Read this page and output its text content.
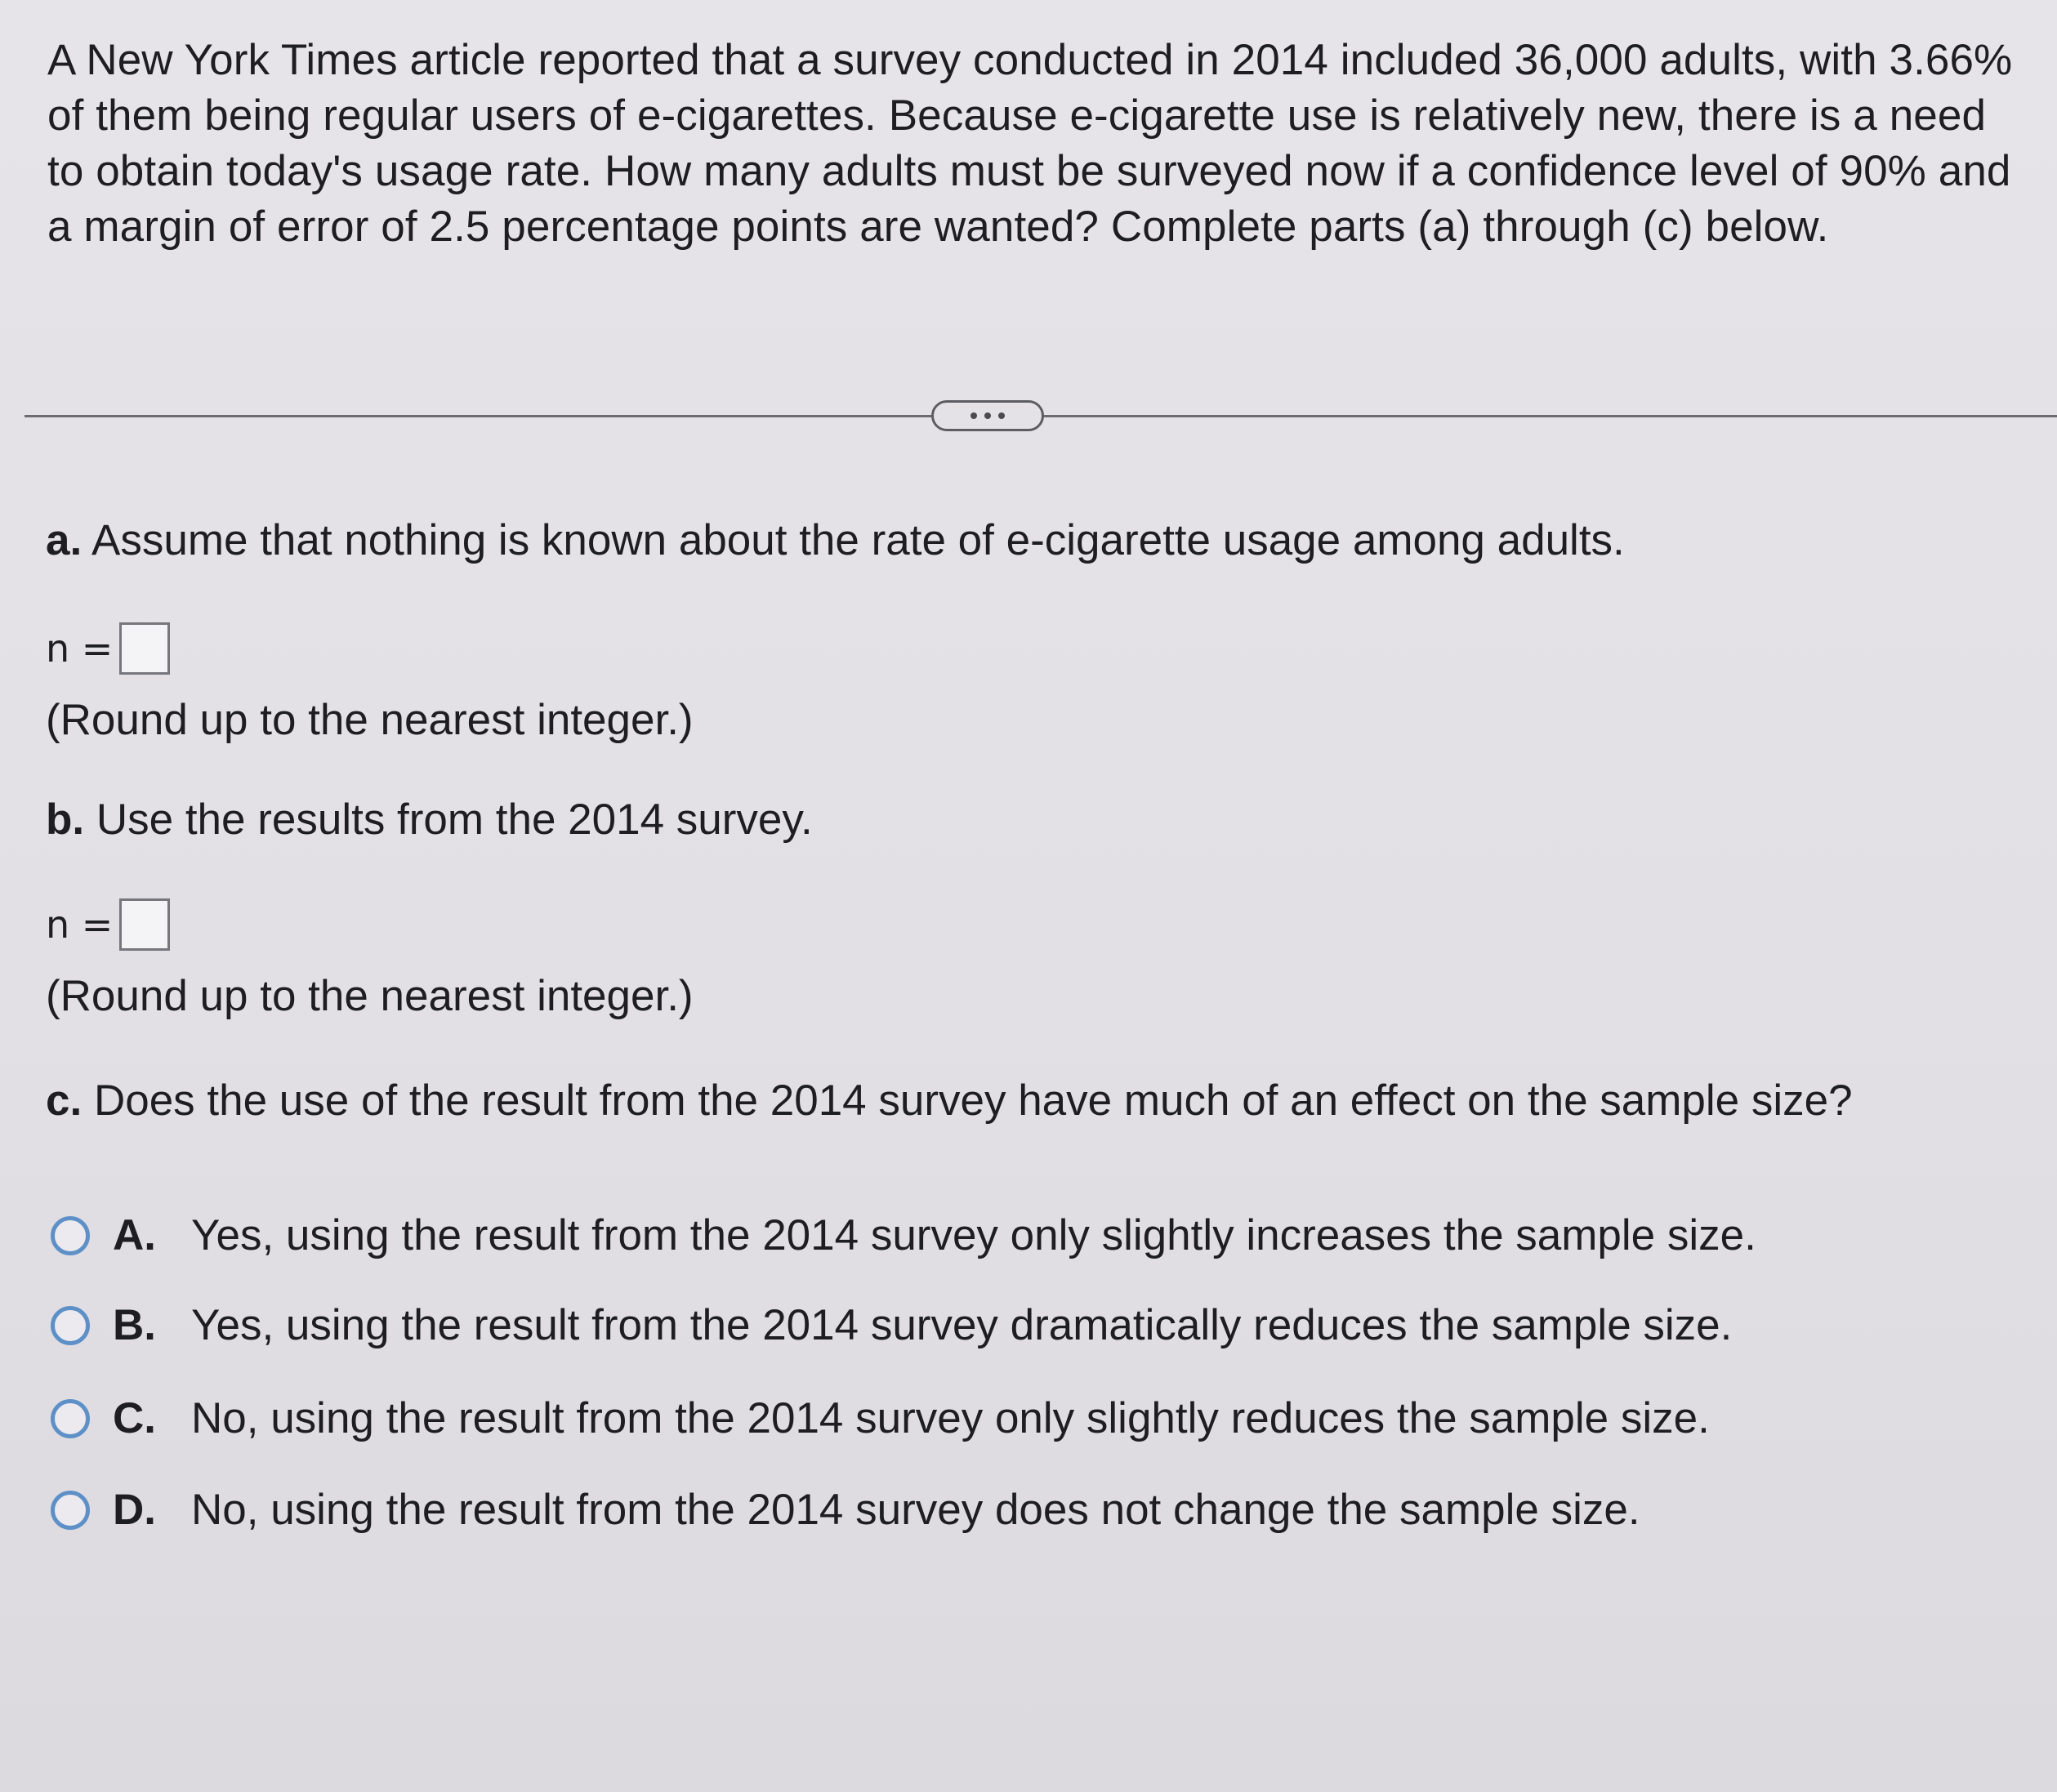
A New York Times article reported that a survey conducted in 2014 included 36,000 adults, with 3.66% of them being regular users of e-cigarettes. Because e-cigarette use is relatively new, there is a need to obtain today's usage rate. How many adults must be surveyed now if a confidence level of 90% and a margin of error of 2.5 percentage points are wanted? Complete parts (a) through (c) below.
a. Assume that nothing is known about the rate of e-cigarette usage among adults.
n =
(Round up to the nearest integer.)
b. Use the results from the 2014 survey.
n =
(Round up to the nearest integer.)
c. Does the use of the result from the 2014 survey have much of an effect on the sample size?
A. Yes, using the result from the 2014 survey only slightly increases the sample size.
B. Yes, using the result from the 2014 survey dramatically reduces the sample size.
C. No, using the result from the 2014 survey only slightly reduces the sample size.
D. No, using the result from the 2014 survey does not change the sample size.
